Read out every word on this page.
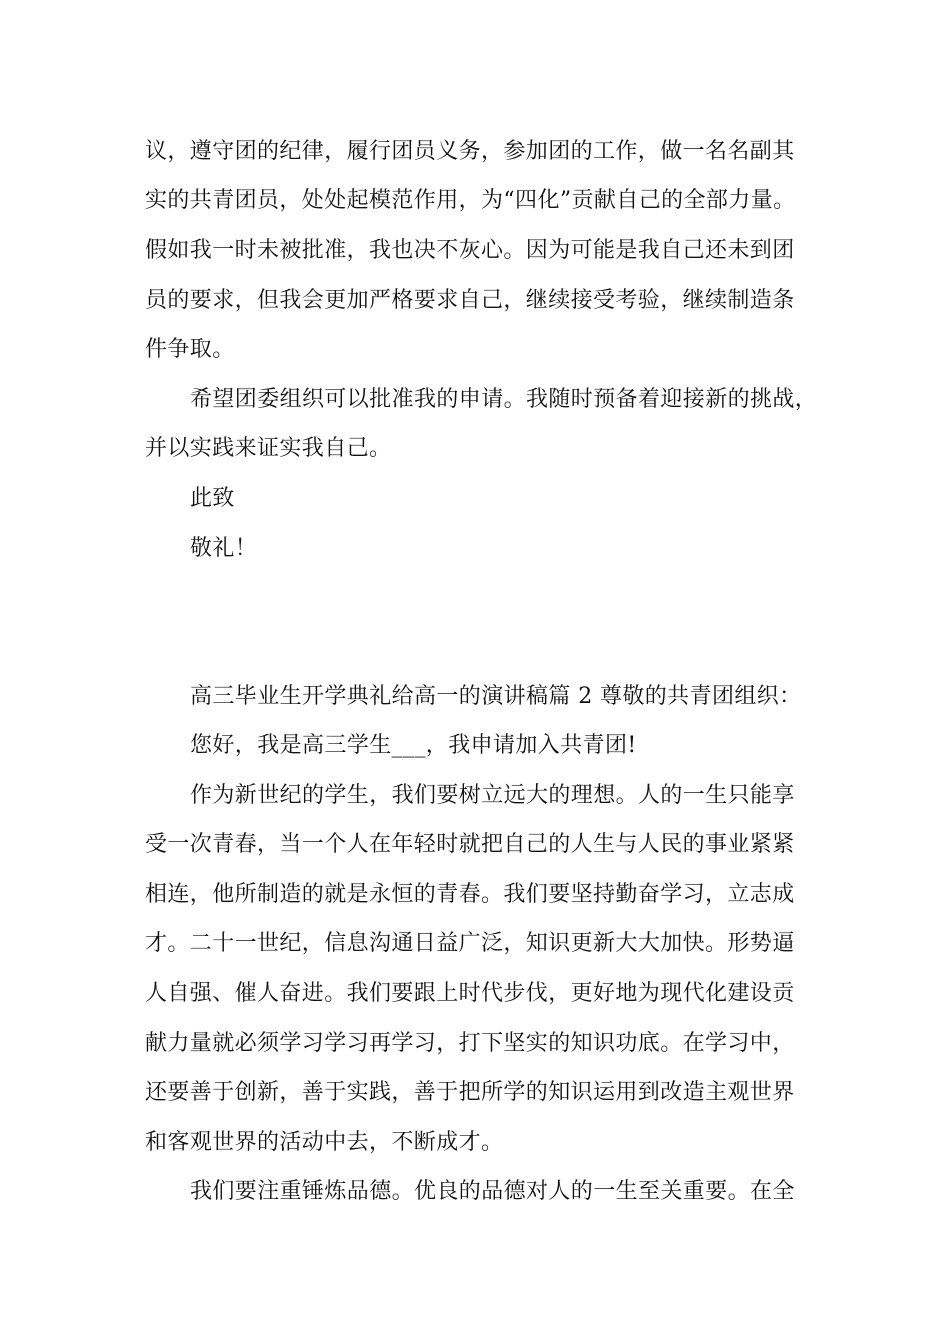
议，遵守团的纪律，履行团员义务，参加团的工作，做一名名副其
实的共青团员，处处起模范作用，为“四化”贡献自己的全部力量。
假如我一时未被批准，我也决不灰心。因为可能是我自己还未到团
员的要求，但我会更加严格要求自己，继续接受考验，继续制造条
件争取。
希望团委组织可以批准我的申请。我随时预备着迎接新的挑战，
并以实践来证实我自己。
此致
敬礼！
高三毕业生开学典礼给高一的演讲稿篇 2 尊敬的共青团组织：
您好，我是高三学生___，我申请加入共青团!
作为新世纪的学生，我们要树立远大的理想。人的一生只能享
受一次青春，当一个人在年轻时就把自己的人生与人民的事业紧紧
相连，他所制造的就是永恒的青春。我们要坚持勤奋学习，立志成
才。二十一世纪，信息沟通日益广泛，知识更新大大加快。形势逼
人自强、催人奋进。我们要跟上时代步伐，更好地为现代化建设贡
献力量就必须学习学习再学习，打下坚实的知识功底。在学习中，
还要善于创新，善于实践，善于把所学的知识运用到改造主观世界
和客观世界的活动中去，不断成才。
我们要注重锤炼品德。优良的品德对人的一生至关重要。在全
